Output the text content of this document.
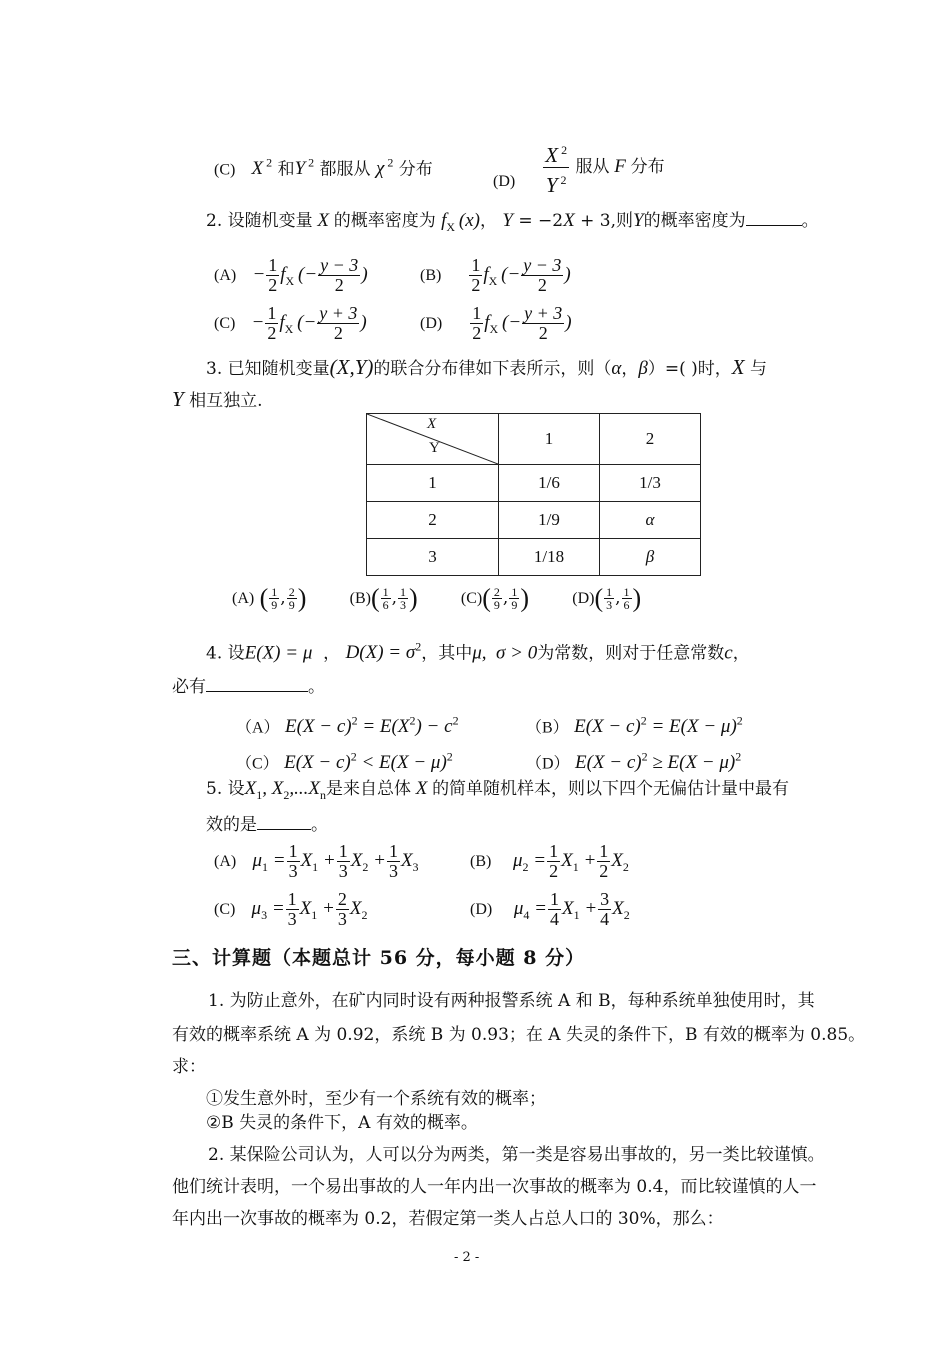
(C) X $^2$ 和Y $^2$ 都服从 χ $^2$ 分布
$(D) \frac{X ^2}{Y ^2}$ 服从 F 分布
2. 设随机变量 X 的概率密度为 $f_X$ (x)， Y = −2X + 3,则Y的概率密度为	。
$(A) - \frac{1}{2} f_X$ (− $\frac{y - 3}{2}$ )	$(B) \frac{1}{2} f_X$ (− $\frac{y - 3}{2}$ )
$(C) - \frac{1}{2} f_X$ (− $\frac{y + 3}{2}$ )	$(D) \frac{1}{2} f_X$ (− $\frac{y + 3}{2}$ )
3. 已知随机变量(X,Y)的联合分布律如下表所示，则（α，β）=( )时，X 与
Y 相互独立.
X
Y	1	2
1	1/6	1/3
2	1/9	α
3	1/18	β
(A) ( $\frac{1}{9}$ , $\frac{2}{9}$ )	$(B)( \frac{1}{6}$ , $\frac{1}{3}$ )	$(C)( \frac{2}{9}$ , $\frac{1}{9}$ )	$(D)( \frac{1}{3}$ , $\frac{1}{6}$ )
4. 设E(X) = μ  ， $D(X) = \sigma^2$，其中μ,  σ > 0为常数，则对于任意常数c，
必有	。
（A） $E(X - c)^2 = E(X^2) - c^2$	（B） $E(X - c)^2 = E(X - \mu)^2$
（C） $E(X - c)^2 < E(X - \mu)^2$	（D） $E(X - c)^2 \ge E(X - \mu)^2$
5. 设$X_1$, $X_2,...X_n$是来自总体 X 的简单随机样本，则以下四个无偏估计量中最有
效的是	。
(A) $\mu_1 = \frac{1}{3} X_1 + \frac{1}{3} X_2 + \frac{1}{3} X_3$	(B) $\mu_2 = \frac{1}{2} X_1 + \frac{1}{2} X_2$
(C) $\mu_3 = \frac{1}{3} X_1 + \frac{2}{3} X_2$	(D) $\mu_4 = \frac{1}{4} X_1 + \frac{3}{4} X_2$
三、计算题（本题总计 56 分，每小题 8 分）
1. 为防止意外，在矿内同时设有两种报警系统 A 和 B，每种系统单独使用时，其
有效的概率系统 A 为 0.92，系统 B 为 0.93；在 A 失灵的条件下，B 有效的概率为 0.85。
求：
①发生意外时，至少有一个系统有效的概率；
②B 失灵的条件下，A 有效的概率。
2. 某保险公司认为，人可以分为两类，第一类是容易出事故的，另一类比较谨慎。
他们统计表明，一个易出事故的人一年内出一次事故的概率为 0.4，而比较谨慎的人一
年内出一次事故的概率为 0.2，若假定第一类人占总人口的 30%，那么：
- 2 -
